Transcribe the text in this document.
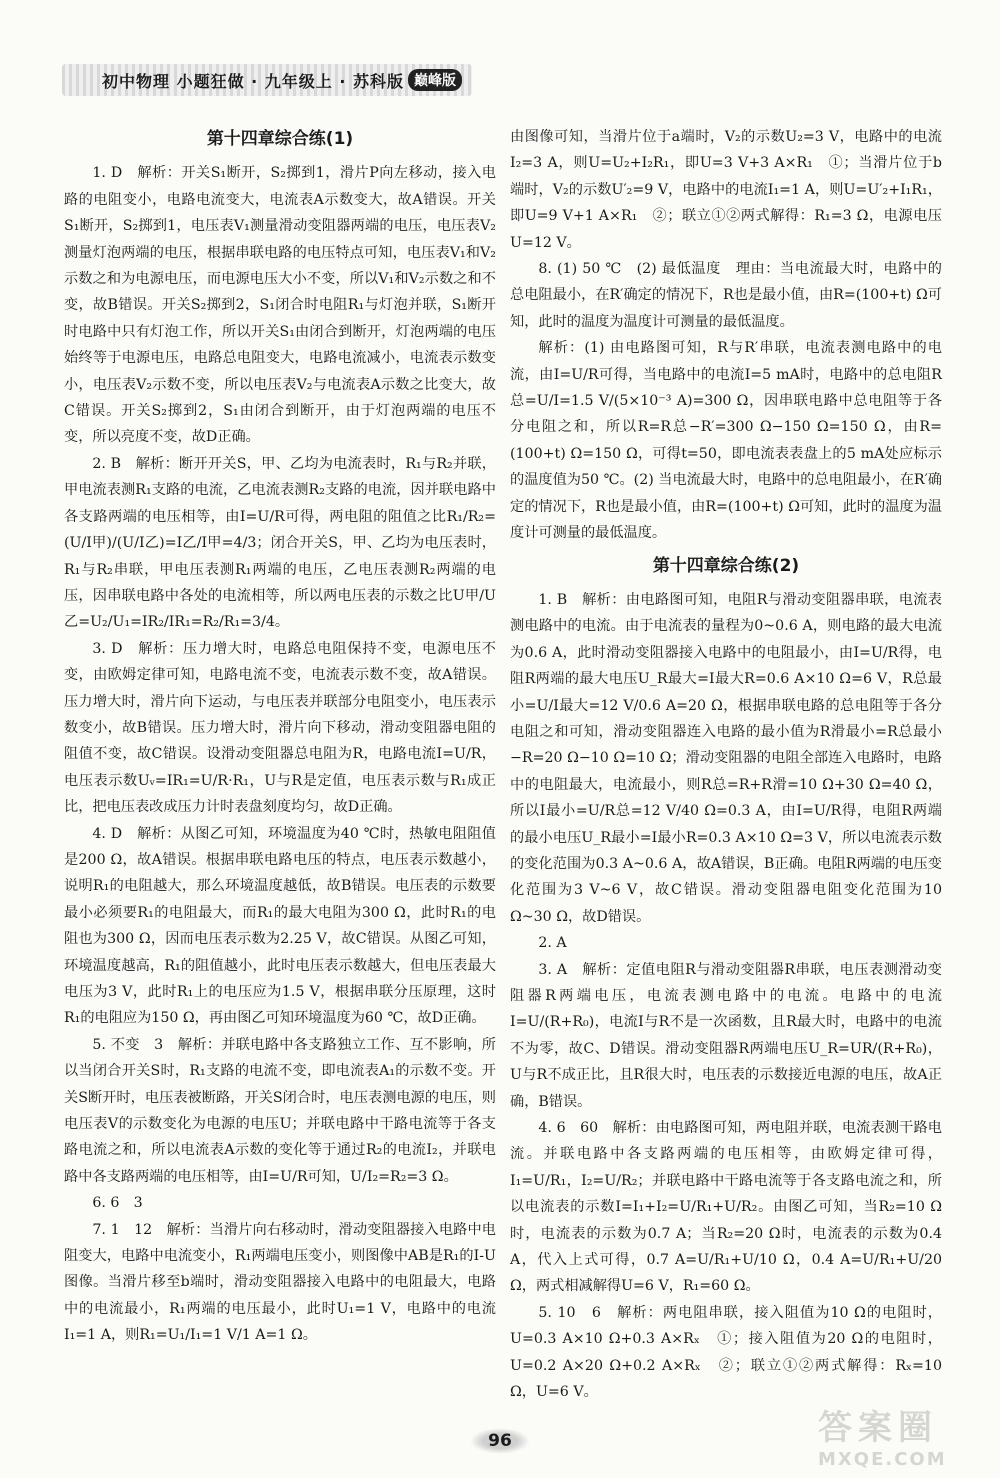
初中物理 小题狂做 · 九年级上 · 苏科版 巅峰版
第十四章综合练(1)

1. D　解析：开关S₁断开，S₂掷到1，滑片P向左移动，接入电路的电阻变小，电路电流变大，电流表A示数变大，故A错误。开关S₁断开，S₂掷到1，电压表V₁测量滑动变阻器两端的电压，电压表V₂测量灯泡两端的电压，根据串联电路的电压特点可知，电压表V₁和V₂示数之和为电源电压，而电源电压大小不变，所以V₁和V₂示数之和不变，故B错误。开关S₂掷到2，S₁闭合时电阻R₁与灯泡并联，S₁断开时电路中只有灯泡工作，所以开关S₁由闭合到断开，灯泡两端的电压始终等于电源电压，电路总电阻变大，电路电流减小，电流表示数变小，电压表V₂示数不变，所以电压表V₂与电流表A示数之比变大，故C错误。开关S₂掷到2，S₁由闭合到断开，由于灯泡两端的电压不变，所以亮度不变，故D正确。

2. B　解析：断开开关S，甲、乙均为电流表时，R₁与R₂并联，甲电流表测R₁支路的电流，乙电流表测R₂支路的电流，因并联电路中各支路两端的电压相等，由I=U/R可得，两电阻的阻值之比R₁/R₂=(U/I甲)/(U/I乙)=I乙/I甲=4/3；闭合开关S，甲、乙均为电压表时，R₁与R₂串联，甲电压表测R₁两端的电压，乙电压表测R₂两端的电压，因串联电路中各处的电流相等，所以两电压表的示数之比U甲/U乙=U₂/U₁=IR₂/IR₁=R₂/R₁=3/4。

3. D　解析：压力增大时，电路总电阻保持不变，电源电压不变，由欧姆定律可知，电路电流不变，电流表示数不变，故A错误。压力增大时，滑片向下运动，与电压表并联部分电阻变小，电压表示数变小，故B错误。压力增大时，滑片向下移动，滑动变阻器电阻的阻值不变，故C错误。设滑动变阻器总电阻为R，电路电流I=U/R，电压表示数Uᵥ=IR₁=U/R·R₁，U与R是定值，电压表示数与R₁成正比，把电压表改成压力计时表盘刻度均匀，故D正确。

4. D　解析：从图乙可知，环境温度为40 ℃时，热敏电阻阻值是200 Ω，故A错误。根据串联电路电压的特点，电压表示数越小，说明R₁的电阻越大，那么环境温度越低，故B错误。电压表的示数要最小必须要R₁的电阻最大，而R₁的最大电阻为300 Ω，此时R₁的电阻也为300 Ω，因而电压表示数为2.25 V，故C错误。从图乙可知，环境温度越高，R₁的阻值越小，此时电压表示数越大，但电压表最大电压为3 V，此时R₁上的电压应为1.5 V，根据串联分压原理，这时R₁的电阻应为150 Ω，再由图乙可知环境温度为60 ℃，故D正确。

5. 不变　3　解析：并联电路中各支路独立工作、互不影响，所以当闭合开关S时，R₁支路的电流不变，即电流表A₁的示数不变。开关S断开时，电压表被断路，开关S闭合时，电压表测电源的电压，则电压表V的示数变化为电源的电压U；并联电路中干路电流等于各支路电流之和，所以电流表A示数的变化等于通过R₂的电流I₂，并联电路中各支路两端的电压相等，由I=U/R可知，U/I₂=R₂=3 Ω。

6. 6　3

7. 1　12　解析：当滑片向右移动时，滑动变阻器接入电路中电阻变大，电路中电流变小，R₁两端电压变小，则图像中AB是R₁的I-U图像。当滑片移至b端时，滑动变阻器接入电路中的电阻最大，电路中的电流最小，R₁两端的电压最小，此时U₁=1 V，电路中的电流I₁=1 A，则R₁=U₁/I₁=1 V/1 A=1 Ω。

由图像可知，当滑片位于a端时，V₂的示数U₂=3 V，电路中的电流I₂=3 A，则U=U₂+I₂R₁，即U=3 V+3 A×R₁　①；当滑片位于b端时，V₂的示数U′₂=9 V，电路中的电流I₁=1 A，则U=U′₂+I₁R₁，即U=9 V+1 A×R₁　②；联立①②两式解得：R₁=3 Ω，电源电压U=12 V。

8. (1) 50 ℃　(2) 最低温度　理由：当电流最大时，电路中的总电阻最小，在R′确定的情况下，R也是最小值，由R=(100+t) Ω可知，此时的温度为温度计可测量的最低温度。

解析：(1) 由电路图可知，R与R′串联，电流表测电路中的电流，由I=U/R可得，当电路中的电流I=5 mA时，电路中的总电阻R总=U/I=1.5 V/(5×10⁻³ A)=300 Ω，因串联电路中总电阻等于各分电阻之和，所以R=R总−R′=300 Ω−150 Ω=150 Ω，由R=(100+t) Ω=150 Ω，可得t=50，即电流表表盘上的5 mA处应标示的温度值为50 ℃。(2) 当电流最大时，电路中的总电阻最小，在R′确定的情况下，R也是最小值，由R=(100+t) Ω可知，此时的温度为温度计可测量的最低温度。

第十四章综合练(2)

1. B　解析：由电路图可知，电阻R与滑动变阻器串联，电流表测电路中的电流。由于电流表的量程为0~0.6 A，则电路的最大电流为0.6 A，此时滑动变阻器接入电路中的电阻最小，由I=U/R得，电阻R两端的最大电压U_R最大=I最大R=0.6 A×10 Ω=6 V，R总最小=U/I最大=12 V/0.6 A=20 Ω，根据串联电路的总电阻等于各分电阻之和可知，滑动变阻器连入电路的最小值为R滑最小=R总最小−R=20 Ω−10 Ω=10 Ω；滑动变阻器的电阻全部连入电路时，电路中的电阻最大，电流最小，则R总=R+R滑=10 Ω+30 Ω=40 Ω，所以I最小=U/R总=12 V/40 Ω=0.3 A，由I=U/R得，电阻R两端的最小电压U_R最小=I最小R=0.3 A×10 Ω=3 V，所以电流表示数的变化范围为0.3 A~0.6 A，故A错误，B正确。电阻R两端的电压变化范围为3 V~6 V，故C错误。滑动变阻器电阻变化范围为10 Ω~30 Ω，故D错误。

2. A

3. A　解析：定值电阻R与滑动变阻器R串联，电压表测滑动变阻器R两端电压，电流表测电路中的电流。电路中的电流I=U/(R+R₀)，电流I与R不是一次函数，且R最大时，电路中的电流不为零，故C、D错误。滑动变阻器R两端电压U_R=UR/(R+R₀)，U与R不成正比，且R很大时，电压表的示数接近电源的电压，故A正确，B错误。

4. 6　60　解析：由电路图可知，两电阻并联，电流表测干路电流。并联电路中各支路两端的电压相等，由欧姆定律可得，I₁=U/R₁，I₂=U/R₂；并联电路中干路电流等于各支路电流之和，所以电流表的示数I=I₁+I₂=U/R₁+U/R₂。由图乙可知，当R₂=10 Ω时，电流表的示数为0.7 A；当R₂=20 Ω时，电流表的示数为0.4 A，代入上式可得，0.7 A=U/R₁+U/10 Ω，0.4 A=U/R₁+U/20 Ω，两式相减解得U=6 V，R₁=60 Ω。

5. 10　6　解析：两电阻串联，接入阻值为10 Ω的电阻时，U=0.3 A×10 Ω+0.3 A×Rₓ　①；接入阻值为20 Ω的电阻时，U=0.2 A×20 Ω+0.2 A×Rₓ　②；联立①②两式解得：Rₓ=10 Ω，U=6 V。

96	答案圈
MXQE.COM
